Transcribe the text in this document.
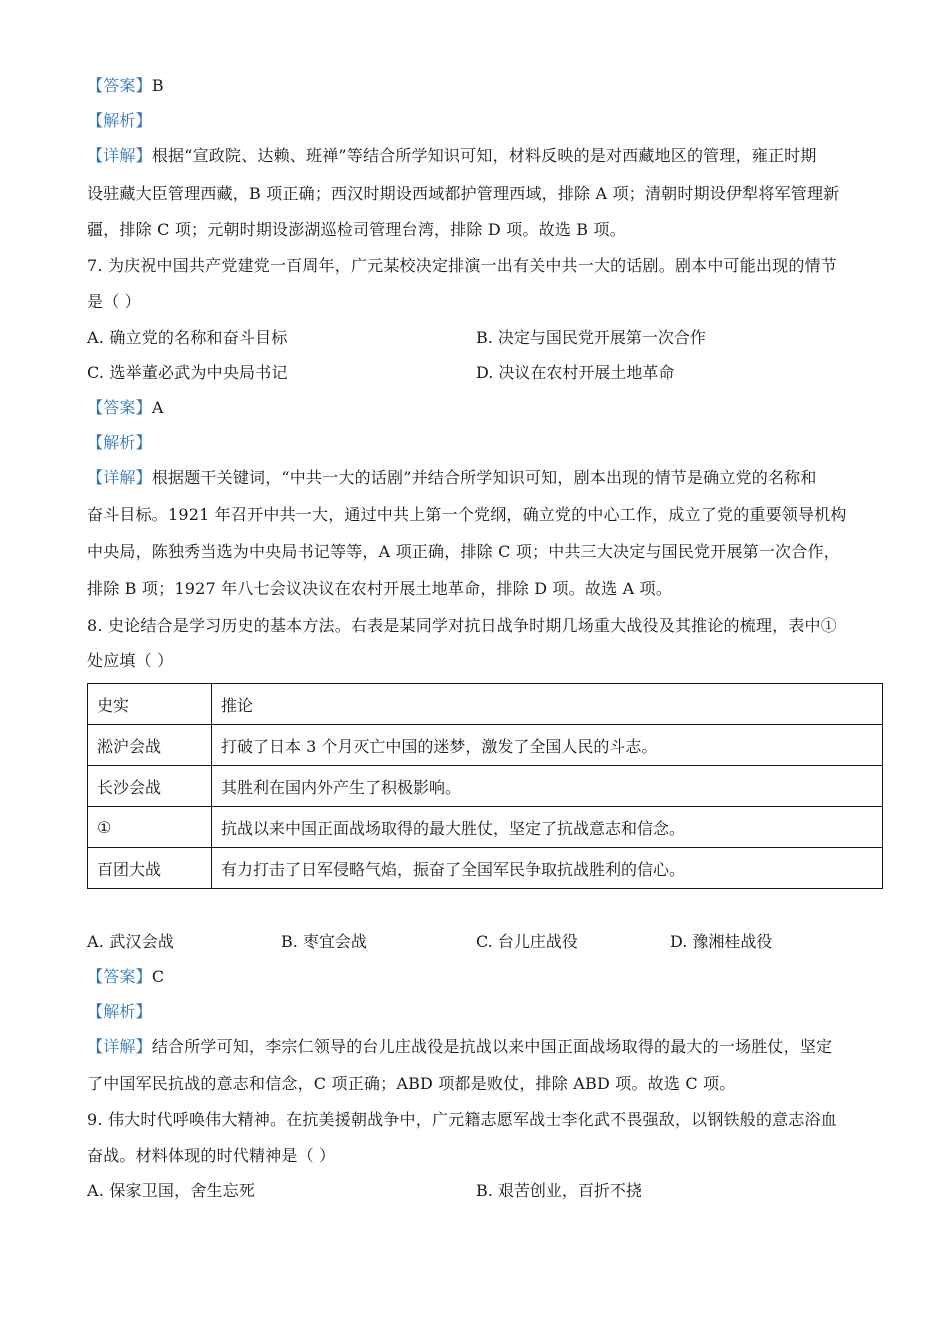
【答案】B
【解析】
【详解】根据“宣政院、达赖、班禅”等结合所学知识可知，材料反映的是对西藏地区的管理，雍正时期
设驻藏大臣管理西藏，B 项正确；西汉时期设西域都护管理西域，排除 A 项；清朝时期设伊犁将军管理新
疆，排除 C 项；元朝时期设澎湖巡检司管理台湾，排除 D 项。故选 B 项。
7. 为庆祝中国共产党建党一百周年，广元某校决定排演一出有关中共一大的话剧。剧本中可能出现的情节
是（ ）
A. 确立党的名称和奋斗目标	B. 决定与国民党开展第一次合作
C. 选举董必武为中央局书记	D. 决议在农村开展土地革命
【答案】A
【解析】
【详解】根据题干关键词，“中共一大的话剧”并结合所学知识可知，剧本出现的情节是确立党的名称和
奋斗目标。1921 年召开中共一大，通过中共上第一个党纲，确立党的中心工作，成立了党的重要领导机构
中央局，陈独秀当选为中央局书记等等，A 项正确，排除 C 项；中共三大决定与国民党开展第一次合作，
排除 B 项；1927 年八七会议决议在农村开展土地革命，排除 D 项。故选 A 项。
8. 史论结合是学习历史的基本方法。右表是某同学对抗日战争时期几场重大战役及其推论的梳理，表中①
处应填（ ）
史实	推论
淞沪会战	打破了日本 3 个月灭亡中国的迷梦，激发了全国人民的斗志。
长沙会战	其胜利在国内外产生了积极影响。
①	抗战以来中国正面战场取得的最大胜仗，坚定了抗战意志和信念。
百团大战	有力打击了日军侵略气焰，振奋了全国军民争取抗战胜利的信心。
A. 武汉会战	B. 枣宜会战	C. 台儿庄战役	D. 豫湘桂战役
【答案】C
【解析】
【详解】结合所学可知，李宗仁领导的台儿庄战役是抗战以来中国正面战场取得的最大的一场胜仗，坚定
了中国军民抗战的意志和信念，C 项正确；ABD 项都是败仗，排除 ABD 项。故选 C 项。
9. 伟大时代呼唤伟大精神。在抗美援朝战争中，广元籍志愿军战士李化武不畏强敌，以钢铁般的意志浴血
奋战。材料体现的时代精神是（ ）
A. 保家卫国，舍生忘死	B. 艰苦创业，百折不挠
